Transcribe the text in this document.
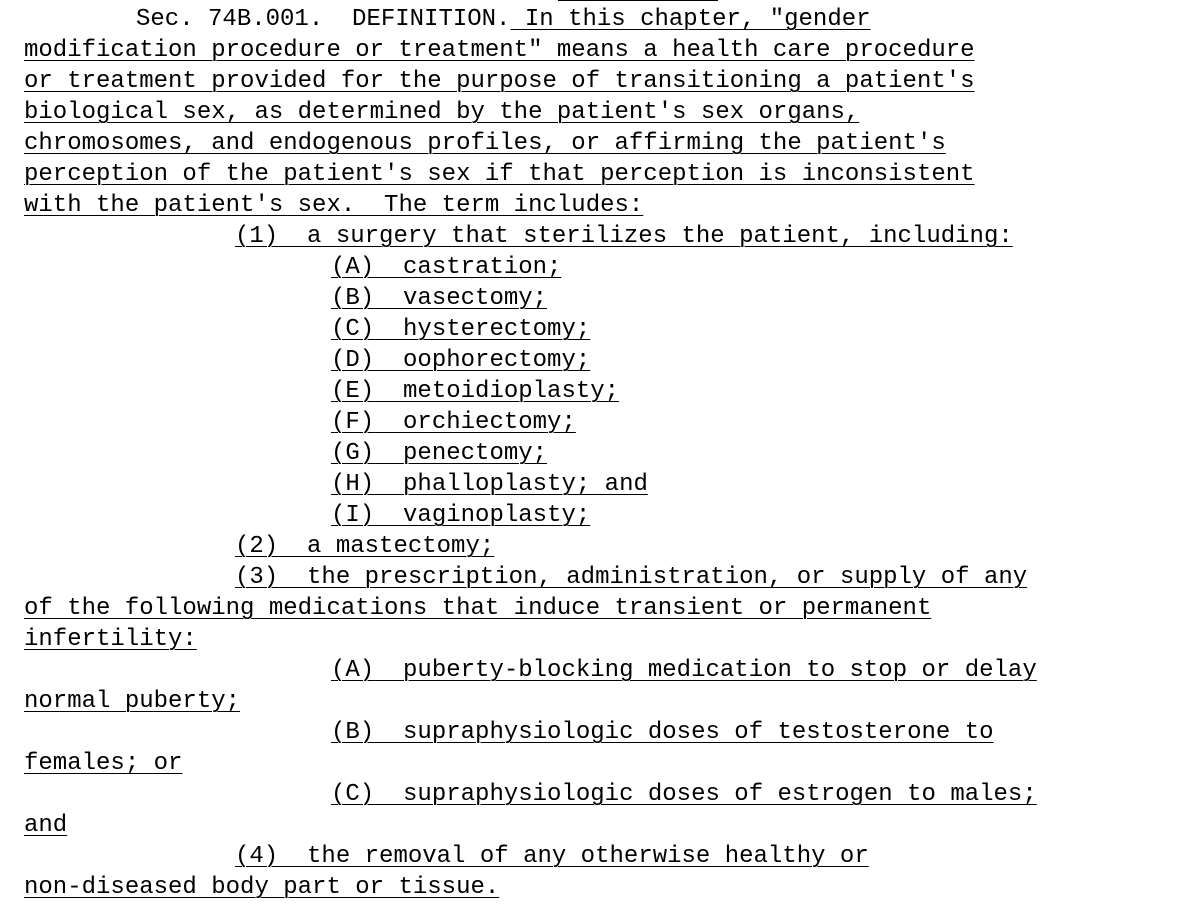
Sec. 74B.001.  DEFINITION. In this chapter, "gender
modification procedure or treatment" means a health care procedure
or treatment provided for the purpose of transitioning a patient's
biological sex, as determined by the patient's sex organs,
chromosomes, and endogenous profiles, or affirming the patient's
perception of the patient's sex if that perception is inconsistent
with the patient's sex.  The term includes:
(1) a surgery that sterilizes the patient, including:
(A) castration;
(B) vasectomy;
(C) hysterectomy;
(D) oophorectomy;
(E) metoidioplasty;
(F) orchiectomy;
(G) penectomy;
(H) phalloplasty; and
(I) vaginoplasty;
(2) a mastectomy;
(3) the prescription, administration, or supply of any
of the following medications that induce transient or permanent
infertility:
(A) puberty-blocking medication to stop or delay
normal puberty;
(B) supraphysiologic doses of testosterone to
females; or
(C) supraphysiologic doses of estrogen to males;
and
(4) the removal of any otherwise healthy or
non-diseased body part or tissue.
